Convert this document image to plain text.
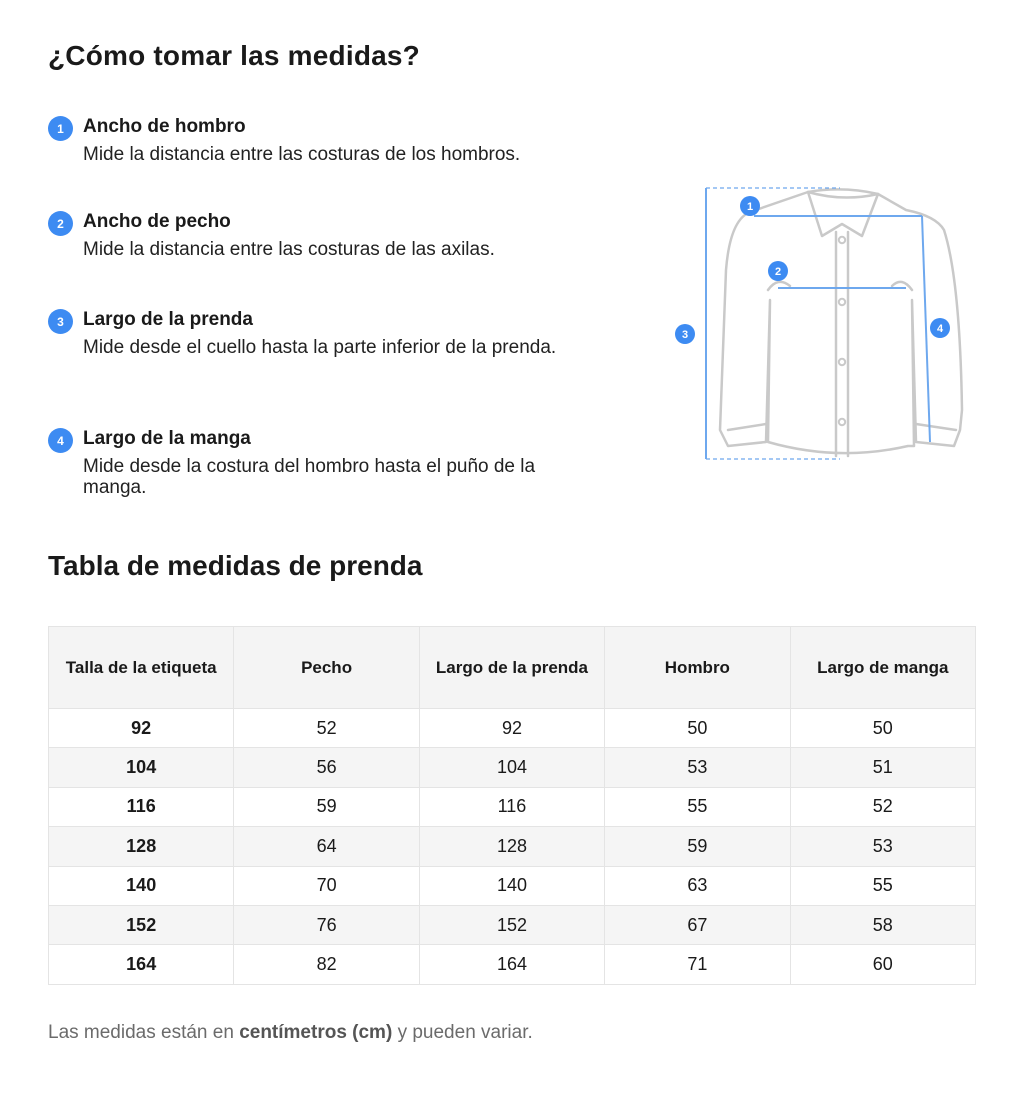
¿Cómo tomar las medidas?
1	Ancho de hombro
Mide la distancia entre las costuras de los hombros.
2	Ancho de pecho
Mide la distancia entre las costuras de las axilas.
3	Largo de la prenda
Mide desde el cuello hasta la parte inferior de la prenda.
4	Largo de la manga
Mide desde la costura del hombro hasta el puño de la manga.
1
2
3	4
Tabla de medidas de prenda
Talla de la etiqueta	Pecho	Largo de la prenda	Hombro	Largo de manga
92	52	92	50	50
104	56	104	53	51
116	59	116	55	52
128	64	128	59	53
140	70	140	63	55
152	76	152	67	58
164	82	164	71	60

Las medidas están en centímetros (cm) y pueden variar.
